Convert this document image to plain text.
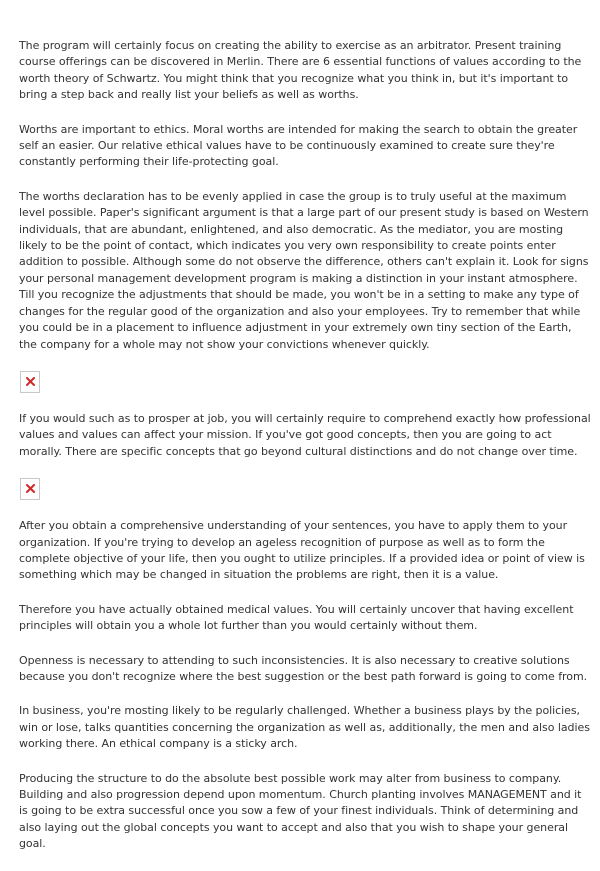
The program will certainly focus on creating the ability to exercise as an arbitrator. Present training course offerings can be discovered in Merlin. There are 6 essential functions of values according to the worth theory of Schwartz. You might think that you recognize what you think in, but it's important to bring a step back and really list your beliefs as well as worths.

Worths are important to ethics. Moral worths are intended for making the search to obtain the greater self an easier. Our relative ethical values have to be continuously examined to create sure they're constantly performing their life-protecting goal.

The worths declaration has to be evenly applied in case the group is to truly useful at the maximum level possible. Paper's significant argument is that a large part of our present study is based on Western individuals, that are abundant, enlightened, and also democratic. As the mediator, you are mosting likely to be the point of contact, which indicates you very own responsibility to create points enter addition to possible. Although some do not observe the difference, others can't explain it. Look for signs your personal management development program is making a distinction in your instant atmosphere. Till you recognize the adjustments that should be made, you won't be in a setting to make any type of changes for the regular good of the organization and also your employees. Try to remember that while you could be in a placement to influence adjustment in your extremely own tiny section of the Earth, the company for a whole may not show your convictions whenever quickly.

If you would such as to prosper at job, you will certainly require to comprehend exactly how professional values and values can affect your mission. If you've got good concepts, then you are going to act morally. There are specific concepts that go beyond cultural distinctions and do not change over time.

After you obtain a comprehensive understanding of your sentences, you have to apply them to your organization. If you're trying to develop an ageless recognition of purpose as well as to form the complete objective of your life, then you ought to utilize principles. If a provided idea or point of view is something which may be changed in situation the problems are right, then it is a value.

Therefore you have actually obtained medical values. You will certainly uncover that having excellent principles will obtain you a whole lot further than you would certainly without them.

Openness is necessary to attending to such inconsistencies. It is also necessary to creative solutions because you don't recognize where the best suggestion or the best path forward is going to come from.

In business, you're mosting likely to be regularly challenged. Whether a business plays by the policies, win or lose, talks quantities concerning the organization as well as, additionally, the men and also ladies working there. An ethical company is a sticky arch.

Producing the structure to do the absolute best possible work may alter from business to company. Building and also progression depend upon momentum. Church planting involves MANAGEMENT and it is going to be extra successful once you sow a few of your finest individuals. Think of determining and also laying out the global concepts you want to accept and also that you wish to shape your general goal.
